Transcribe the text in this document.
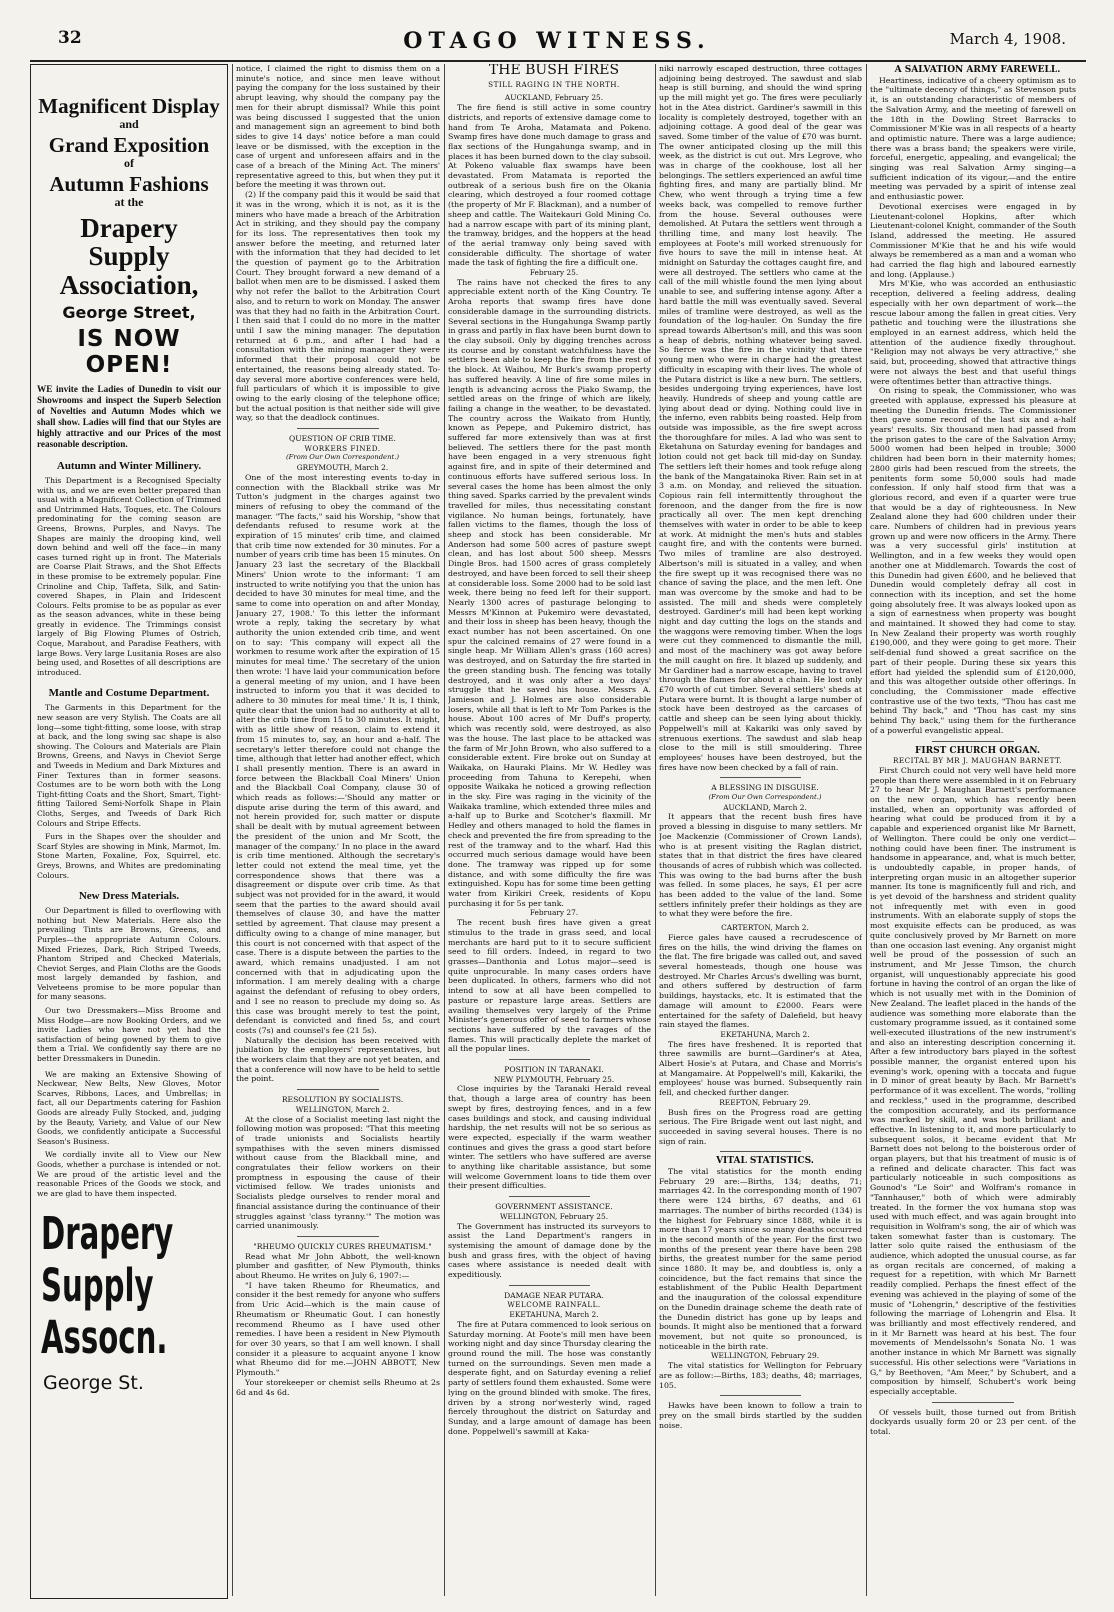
32	OTAGO WITNESS.	March 4, 1908.

Magnificent Display

and

Grand Exposition

of

Autumn Fashions

at the

Drapery Supply

Association,

George Street,

IS NOW OPEN!

WE invite the Ladies of Dunedin to visit our Showrooms and inspect the Superb Selection of Novelties and Autumn Modes which we shall show. Ladies will find that our Styles are highly attractive and our Prices of the most reasonable description.

Autumn and Winter Millinery.

This Department is a Recognised Specialty with us, and we are even better prepared than usual with a Magnificent Collection of Trimmed and Untrimmed Hats, Toques, etc. The Colours predominating for the coming season are Greens, Browns, Purples, and Navys. The Shapes are mainly the drooping kind, well down behind and well off the face—in many cases turned right up in front. The Materials are Coarse Plait Straws, and the Shot Effects in these promise to be extremely popular. Fine Crinoline and Chip, Taffeta, Silk, and Satin-covered Shapes, in Plain and Iridescent Colours. Felts promise to be as popular as ever as the season advances, white in these being greatly in evidence. The Trimmings consist largely of Big Flowing Plumes of Ostrich, Coque, Marabout, and Paradise Feathers, with large Bows. Very large Lusitania Roses are also being used, and Rosettes of all descriptions are introduced.

Mantle and Costume Department.

The Garments in this Department for the new season are very Stylish. The Coats are all long—some tight-fitting, some loose, with strap at back, and the long swing sac shape is also showing. The Colours and Materials are Plain Browns, Greens, and Navys in Cheviot Serge and Tweeds in Medium and Dark Mixtures and Finer Textures than in former seasons. Costumes are to be worn both with the Long Tight-fitting Coats and the Short, Smart, Tight-fitting Tailored Semi-Norfolk Shape in Plain Cloths, Serges, and Tweeds of Dark Rich Colours and Stripe Effects.

Furs in the Shapes over the shoulder and Scarf Styles are showing in Mink, Marmot, Im. Stone Marten, Foxaline, Fox, Squirrel, etc. Greys, Browns, and Whites are predominating Colours.

New Dress Materials.

Our Department is filled to overflowing with nothing but New Materials. Here also the prevailing Tints are Browns, Greens, and Purples—the appropriate Autumn Colours. Mixed Friezes, Dark, Rich Striped Tweeds, Phantom Striped and Checked Materials, Cheviot Serges, and Plain Cloths are the Goods most largely demanded by fashion, and Velveteens promise to be more popular than for many seasons.

Our two Dressmakers—Miss Broome and Miss Hodge—are now Booking Orders, and we invite Ladies who have not yet had the satisfaction of being gowned by them to give them a Trial. We confidently say there are no better Dressmakers in Dunedin.

We are making an Extensive Showing of Neckwear, New Belts, New Gloves, Motor Scarves, Ribbons, Laces, and Umbrellas; in fact, all our Departments catering for Fashion Goods are already Fully Stocked, and, judging by the Beauty, Variety, and Value of our New Goods, we confidently anticipate a Successful Season's Business.

We cordially invite all to View our New Goods, whether a purchase is intended or not. We are proud of the artistic level and the reasonable Prices of the Goods we stock, and we are glad to have them inspected.

Drapery
Supply
Assocn.
George St.

notice, I claimed the right to dismiss them on a minute's notice, and since men leave without paying the company for the loss sustained by their abrupt leaving, why should the company pay the men for their abrupt dismissal? While this point was being discussed I suggested that the union and management sign an agreement to bind both sides to give 14 days' notice before a man could leave or be dismissed, with the exception in the case of urgent and unforeseen affairs and in the case of a breach of the Mining Act. The miners' representative agreed to this, but when they put it before the meeting it was thrown out.

(2) If the company paid this it would be said that it was in the wrong, which it is not, as it is the miners who have made a breach of the Arbitration Act in striking, and they should pay the company for its loss. The representatives then took my answer before the meeting, and returned later with the information that they had decided to let the question of payment go to the Arbitration Court. They brought forward a new demand of a ballot when men are to be dismissed. I asked them why not refer the ballot to the Arbitration Court also, and to return to work on Monday. The answer was that they had no faith in the Arbitration Court. I then said that I could do no more in the matter until I saw the mining manager. The deputation returned at 6 p.m., and after I had had a consultation with the mining manager they were informed that their proposal could not be entertained, the reasons being already stated. To-day several more abortive conferences were held, full particulars of which it is impossible to give owing to the early closing of the telephone office; but the actual position is that neither side will give way, so that the deadlock continues.

QUESTION OF CRIB TIME.

WORKERS FINED.

(From Our Own Correspondent.)

GREYMOUTH, March 2.

One of the most interesting events to-day in connection with the Blackball strike was Mr Tutton's judgment in the charges against two miners of refusing to obey the command of the manager. "The facts," said his Worship, "show that defendants refused to resume work at the expiration of 15 minutes' crib time, and claimed that crib time now extended for 30 minutes. For a number of years crib time has been 15 minutes. On January 23 last the secretary of the Blackball Miners' Union wrote to the informant: 'I am instructed to write notifying you that the union has decided to have 30 minutes for meal time, and the same to come into operation on and after Monday, January 27, 1908.' To this letter the informant wrote a reply, taking the secretary by what authority the union extended crib time, and went on to say: 'This company will expect all the workmen to resume work after the expiration of 15 minutes for meal time.' The secretary of the union then wrote: 'I have laid your communication before a general meeting of my union, and I have been instructed to inform you that it was decided to adhere to 30 minutes for meal time.' It is, I think, quite clear that the union had no authority at all to alter the crib time from 15 to 30 minutes. It might, with as little show of reason, claim to extend it from 15 minutes to, say, an hour and a-half. The secretary's letter therefore could not change the time, although that letter had another effect, which I shall presently mention. There is an award in force between the Blackball Coal Miners' Union and the Blackball Coal Company, clause 30 of which reads as follows:—'Should any matter or dispute arise during the term of this award, and not herein provided for, such matter or dispute shall be dealt with by mutual agreement between the president of the union and Mr Scott, the manager of the company.' In no place in the award is crib time mentioned. Although the secretary's letter could not extend the meal time, yet the correspondence shows that there was a disagreement or dispute over crib time. As that subject was not provided for in the award, it would seem that the parties to the award should avail themselves of clause 30, and have the matter settled by agreement. That clause may present a difficulty owing to a change of mine manager, but this court is not concerned with that aspect of the case. There is a dispute between the parties to the award, which remains unadjusted. I am not concerned with that in adjudicating upon the information. I am merely dealing with a charge against the defendant of refusing to obey orders, and I see no reason to preclude my doing so. As this case was brought merely to test the point, defendant is convicted and fined 5s, and court costs (7s) and counsel's fee (21 5s).

Naturally the decision has been received with jubilation by the employers' representatives, but the workers claim that they are not yet beaten, and that a conference will now have to be held to settle the point.

RESOLUTION BY SOCIALISTS.

WELLINGTON, March 2.

At the close of a Socialist meeting last night the following motion was proposed: "That this meeting of trade unionists and Socialists heartily sympathises with the seven miners dismissed without cause from the Blackball mine, and congratulates their fellow workers on their promptness in espousing the cause of their victimised fellow. We trades unionists and Socialists pledge ourselves to render moral and financial assistance during the continuance of their struggles against 'class tyranny.'" The motion was carried unanimously.

"RHEUMO QUICKLY CURES RHEUMATISM."

Read what Mr John Abbott, the well-known plumber and gasfitter, of New Plymouth, thinks about Rheumo. He writes on July 6, 1907:—

"I have taken Rheumo for Rheumatics, and consider it the best remedy for anyone who suffers from Uric Acid—which is the main cause of Rheumatism or Rheumatic Gout. I can honestly recommend Rheumo as I have used other remedies. I have been a resident in New Plymouth for over 30 years, so that I am well known. I shall consider it a pleasure to acquaint anyone I know what Rheumo did for me.—JOHN ABBOTT, New Plymouth."

Your storekeeper or chemist sells Rheumo at 2s 6d and 4s 6d.

THE BUSH FIRES

STILL RAGING IN THE NORTH.

AUCKLAND, February 25.

The fire fiend is still active in some country districts, and reports of extensive damage come to hand from Te Aroha, Matamata and Pokeno. Swamp fires have done much damage to grass and flax sections of the Hungahunga swamp, and in places it has been burned down to the clay subsoil. At Pokeno valuable flax swamps have been devastated. From Matamata is reported the outbreak of a serious bush fire on the Okania clearing, which destroyed a four roomed cottage (the property of Mr F. Blackman), and a number of sheep and cattle. The Waitekauri Gold Mining Co. had a narrow escape with part of its mining plant, the tramway, bridges, and the hoppers at the head of the aerial tramway only being saved with considerable difficulty. The shortage of water made the task of fighting the fire a difficult one.

February 25.

The rains have not checked the fires to any appreciable extent north of the King Country. Te Aroha reports that swamp fires have done considerable damage in the surrounding districts. Several sections in the Hungahunga Swamp partly in grass and partly in flax have been burnt down to the clay subsoil. Only by digging trenches across its course and by constant watchfulness have the settlers been able to keep the fire from the rest of the block. At Waihou, Mr Burk's swamp property has suffered heavily. A line of fire some miles in length is advancing across the Piako Swamp, the settled areas on the fringe of which are likely, failing a change in the weather, to be devastated. The country across the Waikato from Huntly, known as Pepepe, and Pukemiro district, has suffered far more extensively than was at first believed. The settlers there for the past month have been engaged in a very strenuous fight against fire, and in spite of their determined and continuous efforts have suffered serious loss. In several cases the home has been almost the only thing saved. Sparks carried by the prevalent winds travelled for miles, thus necessitating constant vigilance. No human beings, fortunately, have fallen victims to the flames, though the loss of sheep and stock has been considerable. Mr Anderson had some 500 acres of pasture swept clean, and has lost about 500 sheep. Messrs Dingle Bros. had 1500 acres of grass completely destroyed, and have been forced to sell their sheep at considerable loss. Some 2000 had to be sold last week, there being no feed left for their support. Nearly 1300 acres of pasturage belonging to Messrs M'Kinnon at Pukemiro were devastated, and their loss in sheep has been heavy, though the exact number has not been ascertained. On one spur the calcined remains of 27 were found in a single heap. Mr William Allen's grass (160 acres) was destroyed, and on Saturday the fire started in the green standing bush. The fencing was totally destroyed, and it was only after a two days' struggle that he saved his house. Messrs A. Jamieson and J. Holmes are also considerable losers, while all that is left to Mr Tom Parkes is the house. About 100 acres of Mr Duff's property, which was recently sold, were destroyed, as also was the house. The last place to be attacked was the farm of Mr John Brown, who also suffered to a considerable extent. Fire broke out on Sunday at Waikaka, on Hauraki Plains. Mr W. Hedley was proceeding from Tahuna to Kerepehi, when opposite Waikaka he noticed a growing reflection in the sky. Fire was raging in the vicinity of the Waikaka tramline, which extended three miles and a-half up to Burke and Scotcher's flaxmill. Mr Hedley and others managed to hold the flames in check and prevented the fire from spreading to the rest of the tramway and to the wharf. Had this occurred much serious damage would have been done. The tramway was ripped up for some distance, and with some difficulty the fire was extinguished. Kopu has for some time been getting water from Kirikiri Creek, residents of Kopu purchasing it for 5s per tank.

February 27.

The recent bush fires have given a great stimulus to the trade in grass seed, and local merchants are hard put to it to secure sufficient seed to fill orders. Indeed, in regard to two grasses—Danthonia and Lotus major—seed is quite unprocurable. In many cases orders have been duplicated. In others, farmers who did not intend to sow at all have been compelled to pasture or repasture large areas. Settlers are availing themselves very largely of the Prime Minister's generous offer of seed to farmers whose sections have suffered by the ravages of the flames. This will practically deplete the market of all the popular lines.

POSITION IN TARANAKI.

NEW PLYMOUTH, February 25.

Close inquiries by the Taranaki Herald reveal that, though a large area of country has been swept by fires, destroying fences, and in a few cases buildings and stock, and causing individual hardship, the net results will not be so serious as were expected, especially if the warm weather continues and gives the grass a good start before winter. The settlers who have suffered are averse to anything like charitable assistance, but some will welcome Government loans to tide them over their present difficulties.

GOVERNMENT ASSISTANCE.

WELLINGTON, February 25.

The Government has instructed its surveyors to assist the Land Department's rangers in systemising the amount of damage done by the bush and grass fires, with the object of having cases where assistance is needed dealt with expeditiously.

DAMAGE NEAR PUTARA.

WELCOME RAINFALL.

EKETAHUNA, March 2.

The fire at Putara commenced to look serious on Saturday morning. At Foote's mill men have been working night and day since Thursday clearing the ground round the mill. The hose was constantly turned on the surroundings. Seven men made a desperate fight, and on Saturday evening a relief party of settlers found them exhausted. Some were lying on the ground blinded with smoke. The fires, driven by a strong nor'westerly wind, raged fiercely throughout the district on Saturday and Sunday, and a large amount of damage has been done. Poppelwell's sawmill at Kaka-

niki narrowly escaped destruction, three cottages adjoining being destroyed. The sawdust and slab heap is still burning, and should the wind spring up the mill might yet go. The fires were peculiarly hot in the Atea district. Gardiner's sawmill in this locality is completely destroyed, together with an adjoining cottage. A good deal of the gear was saved. Some timber of the value of £70 was burnt. The owner anticipated closing up the mill this week, as the district is cut out. Mrs Legrove, who was in charge of the cookhouse, lost all her belongings. The settlers experienced an awful time fighting fires, and many are partially blind. Mr Chew, who went through a trying time a few weeks back, was compelled to remove further from the house. Several outhouses were demolished. At Putara the settlers went through a thrilling time, and many lost heavily. The employees at Foote's mill worked strenuously for five hours to save the mill in intense heat. At midnight on Saturday the cottages caught fire, and were all destroyed. The settlers who came at the call of the mill whistle found the men lying about unable to see, and suffering intense agony. After a hard battle the mill was eventually saved. Several miles of tramline were destroyed, as well as the foundation of the log-hauler. On Sunday the fire spread towards Albertson's mill, and this was soon a heap of debris, nothing whatever being saved. So fierce was the fire in the vicinity that three young men who were in charge had the greatest difficulty in escaping with their lives. The whole of the Putara district is like a new burn. The settlers, besides undergoing trying experiences, have lost heavily. Hundreds of sheep and young cattle are lying about dead or dying. Nothing could live in the inferno, even rabbits being roasted. Help from outside was impossible, as the fire swept across the thoroughfare for miles. A lad who was sent to Eketahuna on Saturday evening for bandages and lotion could not get back till mid-day on Sunday. The settlers left their homes and took refuge along the bank of the Mangatainoka River. Rain set in at 3 a.m. on Monday, and relieved the situation. Copious rain fell intermittently throughout the forenoon, and the danger from the fire is now practically all over. The men kept drenching themselves with water in order to be able to keep at work. At midnight the men's huts and stables caught fire, and with the contents were burned. Two miles of tramline are also destroyed. Albertson's mill is situated in a valley, and when the fire swept up it was recognised there was no chance of saving the place, and the men left. One man was overcome by the smoke and had to be assisted. The mill and sheds were completely destroyed. Gardiner's mill had been kept working night and day cutting the logs on the stands and the waggons were removing timber. When the logs were cut they commenced to dismantle the mill, and most of the machinery was got away before the mill caught on fire. It blazed up suddenly, and Mr Gardiner had a narrow escape, having to travel through the flames for about a chain. He lost only £70 worth of cut timber. Several settlers' sheds at Putara were burnt. It is thought a large number of stock have been destroyed as the carcases of cattle and sheep can be seen lying about thickly. Poppelwell's mill at Kakariki was only saved by strenuous exertions. The sawdust and slab heap close to the mill is still smouldering. Three employees' houses have been destroyed, but the fires have now been checked by a fall of rain.

A BLESSING IN DISGUISE.

(From Our Own Correspondent.)

AUCKLAND, March 2.

It appears that the recent bush fires have proved a blessing in disguise to many settlers. Mr Joe Mackenzie (Commissioner of Crown Lands), who is at present visiting the Raglan district, states that in that district the fires have cleared thousands of acres of rubbish which was collected. This was owing to the bad burns after the bush was felled. In some places, he says, £1 per acre has been added to the value of the land. Some settlers infinitely prefer their holdings as they are to what they were before the fire.

CARTERTON, March 2.

Fierce gales have caused a recrudescence of fires on the hills, the wind driving the flames on the flat. The fire brigade was called out, and saved several homesteads, though one house was destroyed. Mr Charles Arcus's dwelling was burnt, and others suffered by destruction of farm buildings, haystacks, etc. It is estimated that the damage will amount to £2000. Fears were entertained for the safety of Dalefield, but heavy rain stayed the flames.

EKETAHUNA, March 2.

The fires have freshened. It is reported that three sawmills are burnt—Gardiner's at Atea, Albert Hosie's at Putara, and Chase and Morris's at Mangamaire. At Poppelwell's mill, Kakariki, the employees' house was burned. Subsequently rain fell, and checked further danger.

REEFTON, February 29.

Bush fires on the Progress road are getting serious. The Fire Brigade went out last night, and succeeded in saving several houses. There is no sign of rain.

VITAL STATISTICS.

The vital statistics for the month ending February 29 are:—Births, 134; deaths, 71; marriages 42. In the corresponding month of 1907 there were 124 births, 67 deaths, and 61 marriages. The number of births recorded (134) is the highest for February since 1888, while it is more than 17 years since so many deaths occurred in the second month of the year. For the first two months of the present year there have been 298 births, the greatest number for the same period since 1880. It may be, and doubtless is, only a coincidence, but the fact remains that since the establishment of the Public Health Department and the inauguration of the colossal expenditure on the Dunedin drainage scheme the death rate of the Dunedin district has gone up by leaps and bounds. It might also be mentioned that a forward movement, but not quite so pronounced, is noticeable in the birth rate.

WELLINGTON, February 29.

The vital statistics for Wellington for February are as follow:—Births, 183; deaths, 48; marriages, 105.

Hawks have been known to follow a train to prey on the small birds startled by the sudden noise.

A SALVATION ARMY FAREWELL.

Heartiness, indicative of a cheery optimism as to the "ultimate decency of things," as Stevenson puts it, is an outstanding characteristic of members of the Salvation Army, and the meeting of farewell on the 18th in the Dowling Street Barracks to Commissioner M'Kie was in all respects of a hearty and optimistic nature. There was a large audience; there was a brass band; the speakers were virile, forceful, energetic, appealing, and evangelical; the singing was real Salvation Army singing—a sufficient indication of its vigour,—and the entire meeting was pervaded by a spirit of intense zeal and enthusiastic power.

Devotional exercises were engaged in by Lieutenant-colonel Hopkins, after which Lieutenant-colonel Knight, commander of the South Island, addressed the meeting. He assured Commissioner M'Kie that he and his wife would always be remembered as a man and a woman who had carried the flag high and laboured earnestly and long. (Applause.)

Mrs M'Kie, who was accorded an enthusiastic reception, delivered a feeling address, dealing especially with her own department of work—the rescue labour among the fallen in great cities. Very pathetic and touching were the illustrations she employed in an earnest address, which held the attention of the audience fixedly throughout. "Religion may not always be very attractive," she said, but, proceeding, showed that attractive things were not always the best and that useful things were oftentimes better than attractive things.

On rising to speak, the Commissioner, who was greeted with applause, expressed his pleasure at meeting the Dunedin friends. The Commissioner then gave some record of the last six and a-half years' results. Six thousand men had passed from the prison gates to the care of the Salvation Army; 5000 women had been helped in trouble; 3000 children had been born in their maternity homes; 2800 girls had been rescued from the streets, the penitents form some 50,000 souls had made confession. If only half stood firm that was a glorious record, and even if a quarter were true that would be a day of righteousness. In New Zealand alone they had 600 children under their care. Numbers of children had in previous years grown up and were now officers in the Army. There was a very successful girls' institution at Wellington, and in a few weeks they would open another one at Middlemarch. Towards the cost of this Dunedin had given £600, and he believed that Dunedin would completely defray all cost in connection with its inception, and set the home going absolutely free. It was always looked upon as a sign of earnestness when property was bought and maintained. It showed they had come to stay. In New Zealand their property was worth roughly £190,000, and they were going to get more. Their self-denial fund showed a great sacrifice on the part of their people. During these six years this effort had yielded the splendid sum of £120,000, and this was altogether outside other offerings. In concluding, the Commissioner made effective contrastive use of the two texts, "Thou has cast me behind Thy back," and "Thou has cast my sins behind Thy back," using them for the furtherance of a powerful evangelistic appeal.

FIRST CHURCH ORGAN.

RECITAL BY MR J. MAUGHAN BARNETT.

First Church could not very well have held more people than there were assembled in it on February 27 to hear Mr J. Maughan Barnett's performance on the new organ, which has recently been installed, when an opportunity was afforded of hearing what could be produced from it by a capable and experienced organist like Mr Barnett, of Wellington. There could be only one verdict—nothing could have been finer. The instrument is handsome in appearance, and, what is much better, is undoubtedly capable, in proper hands, of interpreting organ music in an altogether superior manner. Its tone is magnificently full and rich, and is yet devoid of the harshness and strident quality not infrequently met with even in good instruments. With an elaborate supply of stops the most exquisite effects can be produced, as was quite conclusively proved by Mr Barnett on more than one occasion last evening. Any organist might well be proud of the possession of such an instrument, and Mr Jesse Timson, the church organist, will unquestionably appreciate his good fortune in having the control of an organ the like of which is not usually met with in the Dominion of New Zealand. The leaflet placed in the hands of the audience was something more elaborate than the customary programme issued, as it contained some well-executed illustrations of the new instrument's and also an interesting description concerning it. After a few introductory bars played in the softest possible manner, the organist entered upon his evening's work, opening with a toccata and fugue in D minor of great beauty by Bach. Mr Barnett's performance of it was excellent. The words, "rolling and reckless," used in the programme, described the composition accurately, and its performance was marked by skill, and was both brilliant and effective. In listening to it, and more particularly to subsequent solos, it became evident that Mr Barnett does not belong to the boisterous order of organ players, but that his treatment of music is of a refined and delicate character. This fact was particularly noticeable in such compositions as Gounod's "Le Soir" and Wolfram's romance in "Tannhauser," both of which were admirably treated. In the former the vox humana stop was used with much effect, and was again brought into requisition in Wolfram's song, the air of which was taken somewhat faster than is customary. The latter solo quite raised the enthusiasm of the audience, which adopted the unusual course, as far as organ recitals are concerned, of making a request for a repetition, with which Mr Barnett readily complied. Perhaps the finest effect of the evening was achieved in the playing of some of the music of "Lohengrin," descriptive of the festivities following the marriage of Lohengrin and Elsa. It was brilliantly and most effectively rendered, and in it Mr Barnett was heard at his best. The four movements of Mendelssohn's Sonata No. 1 was another instance in which Mr Barnett was signally successful. His other selections were "Variations in G," by Beethoven, "Am Meer," by Schubert, and a composition by himself, Schubert's work being especially acceptable.

Of vessels built, those turned out from British dockyards usually form 20 or 23 per cent. of the total.
